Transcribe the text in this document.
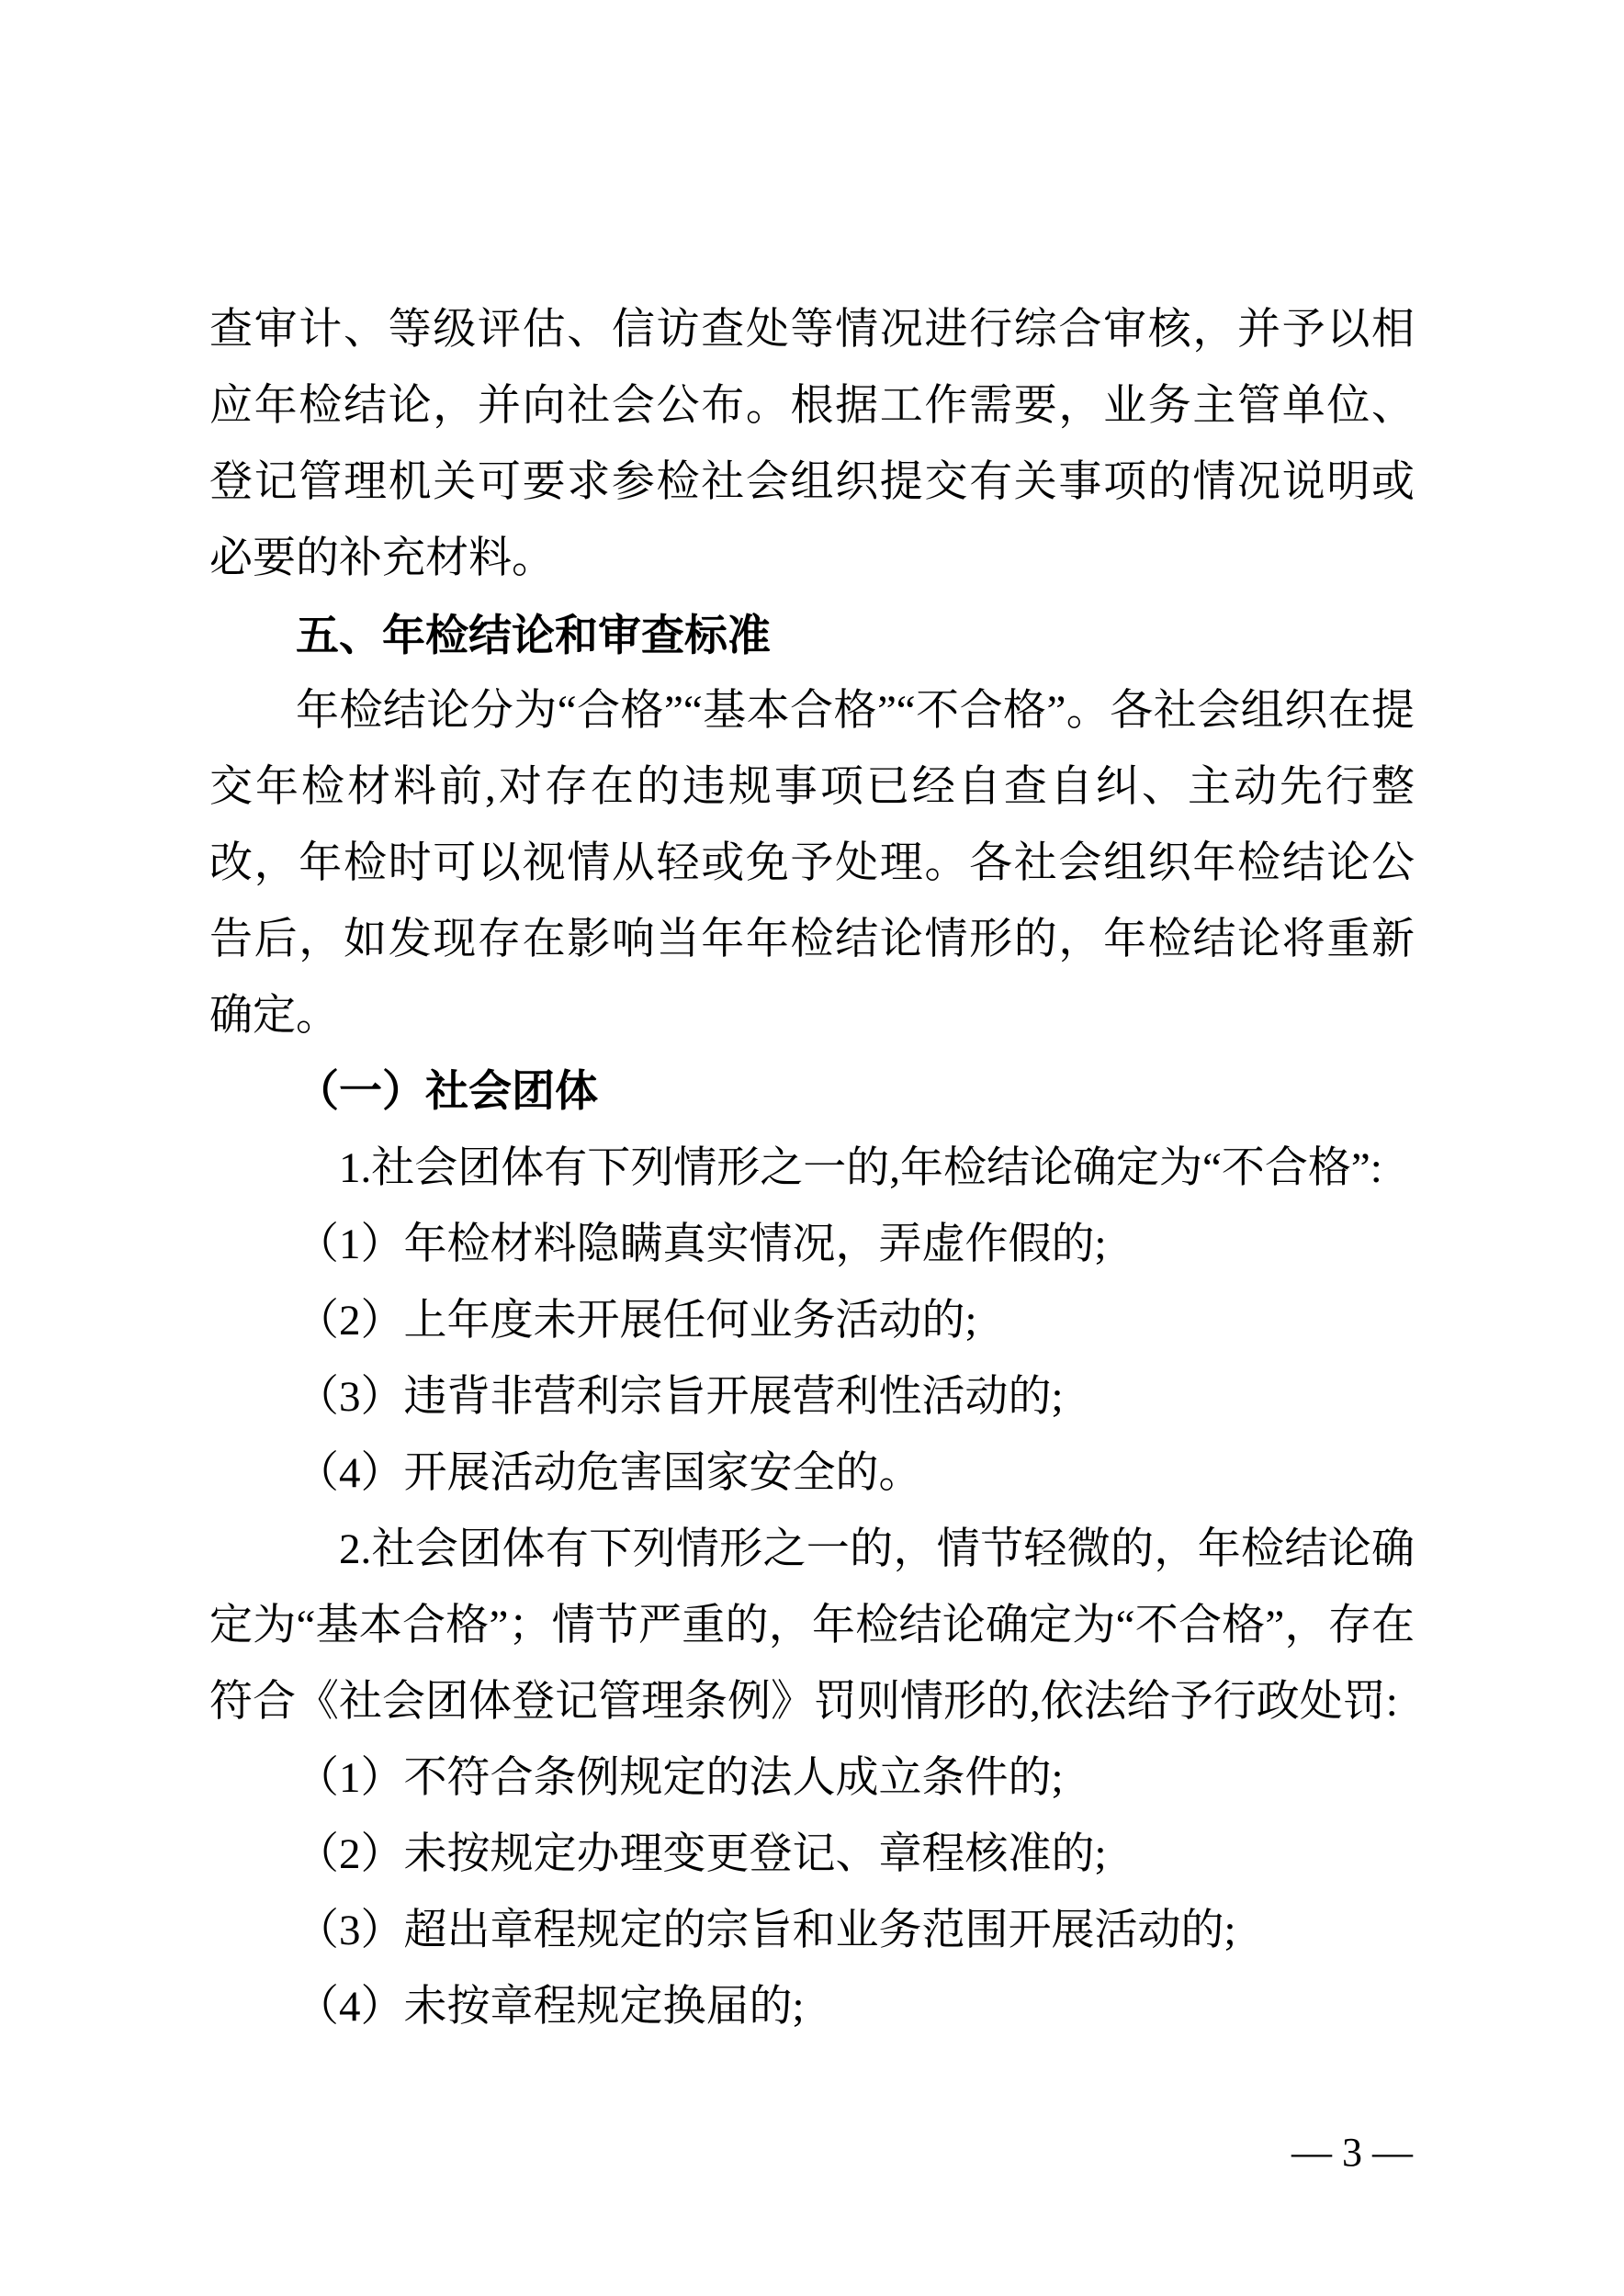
查审计、等级评估、信访查处等情况进行综合审核，并予以相应年检结论，并向社会公布。根据工作需要，业务主管单位、登记管理机关可要求参检社会组织提交有关事项的情况说明或必要的补充材料。

五、年检结论和审查标准

年检结论分为“合格”“基本合格”“不合格”。各社会组织在提交年检材料前,对存在的违规事项已经自查自纠、主动先行整改，年检时可以视情从轻或免予处理。各社会组织年检结论公告后，如发现存在影响当年年检结论情形的，年检结论将重新确定。

（一）社会团体

1.社会团体有下列情形之一的,年检结论确定为“不合格”:

（1）年检材料隐瞒真实情况，弄虚作假的;

（2）上年度未开展任何业务活动的;

（3）违背非营利宗旨开展营利性活动的;

（4）开展活动危害国家安全的。

2.社会团体有下列情形之一的，情节轻微的，年检结论确定为“基本合格”；情节严重的，年检结论确定为“不合格”，存在符合《社会团体登记管理条例》罚则情形的,依法给予行政处罚:

（1）不符合条例规定的法人成立条件的;

（2）未按规定办理变更登记、章程核准的;

（3）超出章程规定的宗旨和业务范围开展活动的;

（4）未按章程规定换届的;

— 3 —
